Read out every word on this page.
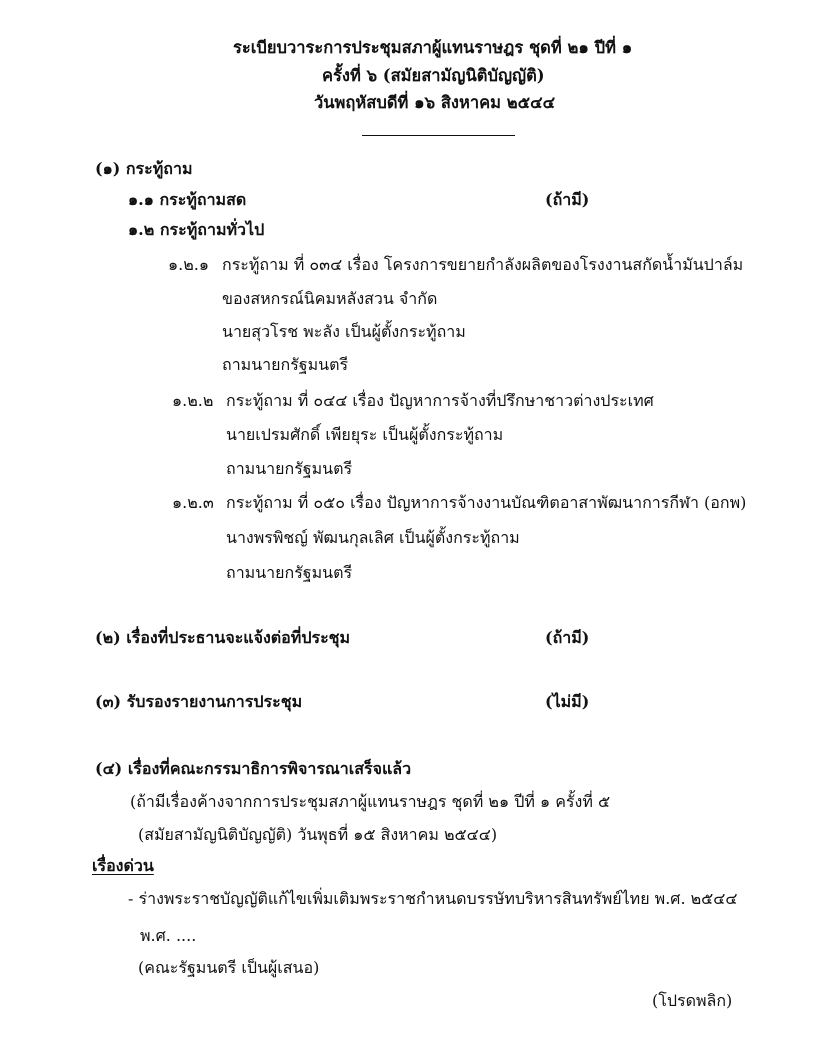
ระเบียบวาระการประชุมสภาผู้แทนราษฎร ชุดที่ ๒๑ ปีที่ ๑
ครั้งที่ ๖ (สมัยสามัญนิติบัญญัติ)
วันพฤหัสบดีที่ ๑๖ สิงหาคม ๒๕๔๔
(๑) กระทู้ถาม
๑.๑ กระทู้ถามสด	(ถ้ามี)
๑.๒ กระทู้ถามทั่วไป
๑.๒.๑ กระทู้ถาม ที่ ๐๓๔ เรื่อง โครงการขยายกำลังผลิตของโรงงานสกัดน้ำมันปาล์ม
ของสหกรณ์นิคมหลังสวน จำกัด
นายสุวโรช พะลัง เป็นผู้ตั้งกระทู้ถาม
ถามนายกรัฐมนตรี
๑.๒.๒ กระทู้ถาม ที่ ๐๔๔ เรื่อง ปัญหาการจ้างที่ปรึกษาชาวต่างประเทศ
นายเปรมศักดิ์ เพียยุระ เป็นผู้ตั้งกระทู้ถาม
ถามนายกรัฐมนตรี
๑.๒.๓ กระทู้ถาม ที่ ๐๕๐ เรื่อง ปัญหาการจ้างงานบัณฑิตอาสาพัฒนาการกีฬา (อกพ)
นางพรพิชญ์ พัฒนกุลเลิศ เป็นผู้ตั้งกระทู้ถาม
ถามนายกรัฐมนตรี
(๒) เรื่องที่ประธานจะแจ้งต่อที่ประชุม	(ถ้ามี)
(๓) รับรองรายงานการประชุม	(ไม่มี)
(๔) เรื่องที่คณะกรรมาธิการพิจารณาเสร็จแล้ว
(ถ้ามีเรื่องค้างจากการประชุมสภาผู้แทนราษฎร ชุดที่ ๒๑ ปีที่ ๑ ครั้งที่ ๕
(สมัยสามัญนิติบัญญัติ) วันพุธที่ ๑๕ สิงหาคม ๒๕๔๔)
เรื่องด่วน
- ร่างพระราชบัญญัติแก้ไขเพิ่มเติมพระราชกำหนดบรรษัทบริหารสินทรัพย์ไทย พ.ศ. ๒๕๔๔
พ.ศ. ....
(คณะรัฐมนตรี เป็นผู้เสนอ)
(โปรดพลิก)
